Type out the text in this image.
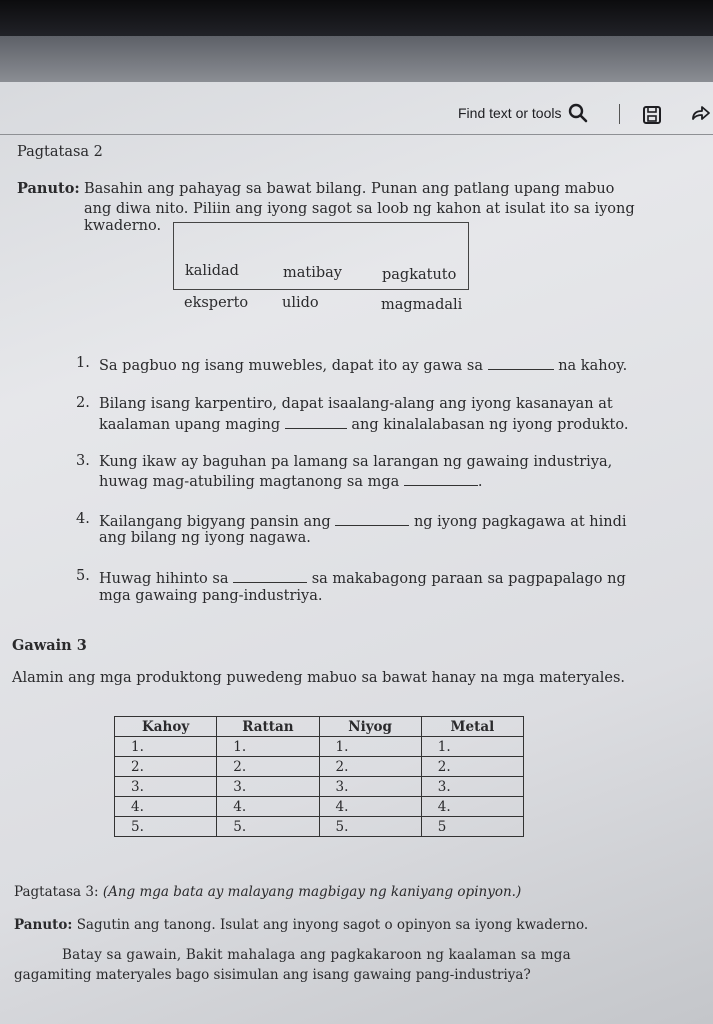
Find text or tools
Pagtatasa 2
Panuto: Basahin ang pahayag sa bawat bilang. Punan ang patlang upang mabuo
ang diwa nito. Piliin ang iyong sagot sa loob ng kahon at isulat ito sa iyong
kwaderno.
kalidad	matibay	pagkatuto
eksperto ulido	magmadali
1. Sa pagbuo ng isang muwebles, dapat ito ay gawa sa	na kahoy.
2. Bilang isang karpentiro, dapat isaalang-alang ang iyong kasanayan at
kaalaman upang maging	ang kinalalabasan ng iyong produkto.
3. Kung ikaw ay baguhan pa lamang sa larangan ng gawaing industriya,
huwag mag-atubiling magtanong sa mga	.
4. Kailangang bigyang pansin ang	ng iyong pagkagawa at hindi
ang bilang ng iyong nagawa.
5. Huwag hihinto sa	sa makabagong paraan sa pagpapalago ng
mga gawaing pang-industriya.
Gawain 3
Alamin ang mga produktong puwedeng mabuo sa bawat hanay na mga materyales.
Kahoy	Rattan	Niyog	Metal
1.	1.	1.	1.
2.	2.	2.	2.
3.	3.	3.	3.
4.	4.	4.	4.
5.	5.	5.	5
Pagtatasa 3: (Ang mga bata ay malayang magbigay ng kaniyang opinyon.)
Panuto: Sagutin ang tanong. Isulat ang inyong sagot o opinyon sa iyong kwaderno.
Batay sa gawain, Bakit mahalaga ang pagkakaroon ng kaalaman sa mga
gagamiting materyales bago sisimulan ang isang gawaing pang-industriya?
